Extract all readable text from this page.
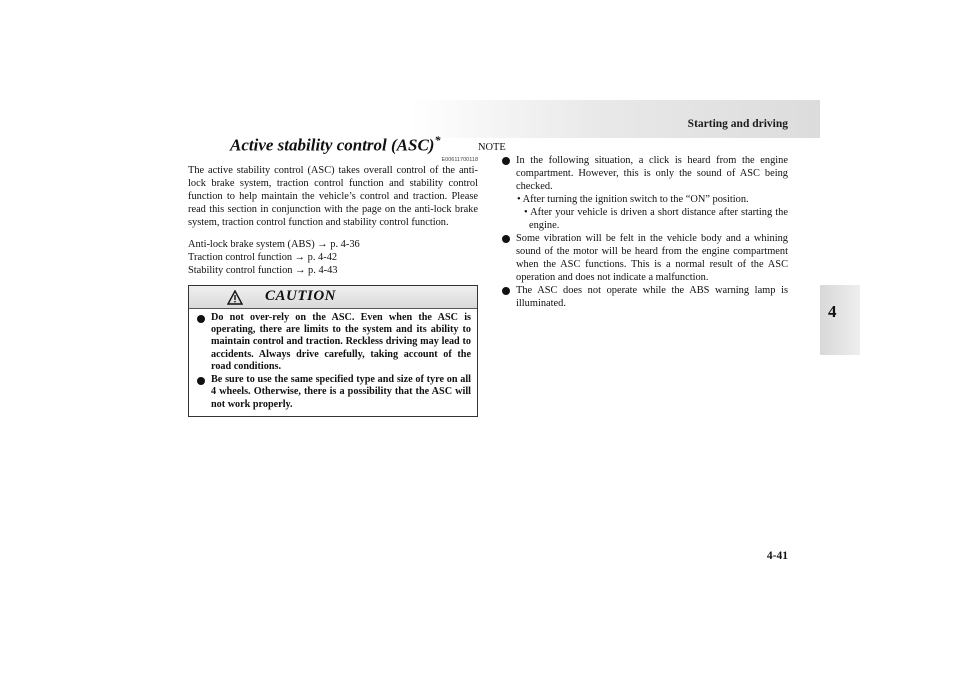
Starting and driving
4
Active stability control (ASC)*
E00611700118

The active stability control (ASC) takes overall control of the anti-lock brake system, traction control function and stability control function to help maintain the vehicle’s control and traction. Please read this section in conjunction with the page on the anti-lock brake system, traction control function and stability control function.

Anti-lock brake system (ABS) → p. 4-36
Traction control function → p. 4-42
Stability control function → p. 4-43
CAUTION
Do not over-rely on the ASC. Even when the ASC is operating, there are limits to the system and its ability to maintain control and traction. Reckless driving may lead to accidents. Always drive carefully, taking account of the road conditions.
Be sure to use the same specified type and size of tyre on all 4 wheels. Otherwise, there is a possibility that the ASC will not work properly.
NOTE
In the following situation, a click is heard from the engine compartment. However, this is only the sound of ASC being checked.
• After turning the ignition switch to the “ON” position.
• After your vehicle is driven a short distance after starting the engine.
Some vibration will be felt in the vehicle body and a whining sound of the motor will be heard from the engine compartment when the ASC functions. This is a normal result of the ASC operation and does not indicate a malfunction.
The ASC does not operate while the ABS warning lamp is illuminated.
4-41
